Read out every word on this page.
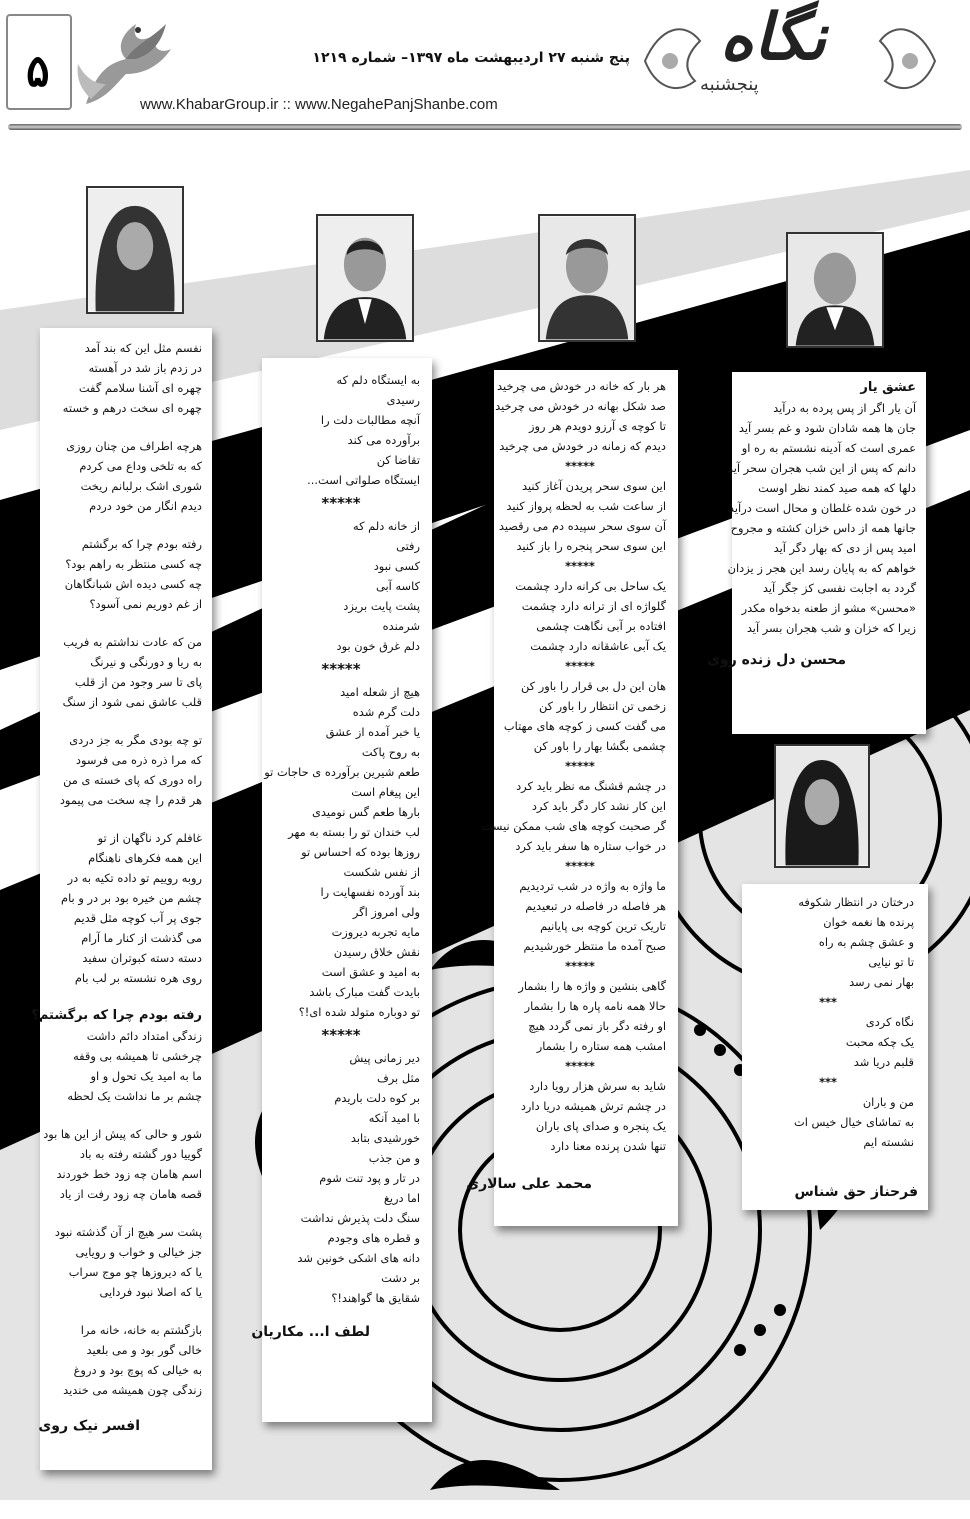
۵	پنج شنبه ۲۷ اردیبهشت ماه ۱۳۹۷– شماره ۱۲۱۹
www.KhabarGroup.ir :: www.NegahePanjShanbe.com
نگاه
پنجشنبه

عشق یار

آن یار اگر از پس پرده به درآید

جان ها همه شادان شود و غم بسر آید

عمری است که آدینه نشستم به ره او

دانم که پس از این شب هجران سحر آید

دلها که همه صید کمند نظر اوست

در خون شده غلطان و محال است درآید

جانها همه از داس خزان کشته و مجروح

امید پس از دی که بهار دگر آید

خواهم که به پایان رسد این هجر ز یزدان

گردد به اجابت نفسی کز جگر آید

«محسن» مشو از طعنه بدخواه مکدر

زیرا که خزان و شب هجران بسر آید

محسن دل زنده روی

درختان در انتظار شکوفه

پرنده ها نغمه خوان

و عشق چشم به راه

تا تو نیایی

بهار نمی رسد

***

نگاه کردی

یک چکه محبت

قلبم دریا شد

***

من و باران

به تماشای خیال خیس ات

نشسته ایم

فرحناز حق شناس

هر بار که خانه در خودش می چرخید

صد شکل بهانه در خودش می چرخید

تا کوچه ی آرزو دویدم هر روز

دیدم که زمانه در خودش می چرخید

*****

این سوی سحر پریدن آغاز کنید

از ساعت شب به لحظه پرواز کنید

آن سوی سحر سپیده دم می رقصید

این سوی سحر پنجره را باز کنید

*****

یک ساحل بی کرانه دارد چشمت

گلواژه ای از ترانه دارد چشمت

افتاده بر آبی نگاهت چشمی

یک آبی عاشقانه دارد چشمت

*****

هان این دل بی قرار را باور کن

زخمی تن انتظار را باور کن

می گفت کسی ز کوچه های مهتاب

چشمی بگشا بهار را باور کن

*****

در چشم قشنگ مه نظر باید کرد

این کار نشد کار دگر باید کرد

گر صحبت کوچه های شب ممکن نیست

در خواب ستاره ها سفر باید کرد

*****

ما واژه به واژه در شب تردیدیم

هر فاصله در فاصله در تبعیدیم

تاریک ترین کوچه بی پایانیم

صبح آمده ما منتظر خورشیدیم

*****

گاهی بنشین و واژه ها را بشمار

حالا همه نامه پاره ها را بشمار

او رفته دگر باز نمی گردد هیچ

امشب همه ستاره را بشمار

*****

شاید به سرش هزار رویا دارد

در چشم ترش همیشه دریا دارد

یک پنجره و صدای پای باران

تنها شدن پرنده معنا دارد

محمد علی سالاری

به ایستگاه دلم که

رسیدی

آنچه مطالبات دلت را

برآورده می کند

تقاضا کن

ایستگاه صلواتی است...

*****

از خانه دلم که

رفتی

کسی نبود

کاسه آبی

پشت پایت بریزد

شرمنده

دلم غرق خون بود

*****

هیچ از شعله امید

دلت گرم شده

یا خبر آمده از عشق

به روح پاکت

طعم شیرین برآورده ی حاجات تو

این پیغام است

بارها طعم گس نومیدی

لب خندان تو را بسته به مهر

روزها بوده که احساس تو

از نفس شکست

بند آورده نفسهایت را

ولی امروز اگر

مایه تجربه دیروزت

نقش خلاق رسیدن

به امید و عشق است

بایدت گفت مبارک باشد

تو دوباره متولد شده ای!؟

*****

دیر زمانی پیش

مثل برف

بر کوه دلت باریدم

با امید آنکه

خورشیدی بتابد

و من جذب

در تار و پود تنت شوم

اما دریغ

سنگ دلت پذیرش نداشت

و قطره های وجودم

دانه های اشکی خونین شد

بر دشت

شقایق ها گواهند!؟

لطف ا... مکاریان

نفسم مثل این که بند آمد

در زدم باز شد در آهسته

چهره ای آشنا سلامم گفت

چهره ای سخت درهم و خسته

هرچه اطراف من چنان روزی

که به تلخی وداع می کردم

شوری اشک برلبانم ریخت

دیدم انگار من خود دردم

رفته بودم چرا که برگشتم

چه کسی منتظر به راهم بود؟

چه کسی دیده اش شبانگاهان

از غم دوریم نمی آسود؟

من که عادت نداشتم به فریب

به ریا و دورنگی و نیرنگ

پای تا سر وجود من از قلب

قلب عاشق نمی شود از سنگ

تو چه بودی مگر به جز دردی

که مرا ذره ذره می فرسود

راه دوری که پای خسته ی من

هر قدم را چه سخت می پیمود

غافلم کرد ناگهان از تو

این همه فکرهای ناهنگام

روبه روییم تو داده تکیه به در

چشم من خیره بود بر در و بام

جوی پر آب کوچه مثل قدیم

می گذشت از کنار ما آرام

دسته دسته کبوتران سفید

روی هره نشسته بر لب بام

رفته بودم چرا که برگشتم؟

زندگی امتداد دائم داشت

چرخشی تا همیشه بی وقفه

ما به امید یک تحول و او

چشم بر ما نداشت یک لحظه

شور و حالی که پیش از این ها بود

گوییا دور گشته رفته به باد

اسم هامان چه زود خط خوردند

قصه هامان چه زود رفت از یاد

پشت سر هیچ از آن گذشته نبود

جز خیالی و خواب و رویایی

یا که دیروزها چو موج سراب

یا که اصلا نبود فردایی

بازگشتم به خانه، خانه مرا

خالی گور بود و می بلعید

به خیالی که پوچ بود و دروغ

زندگی چون همیشه می خندید

افسر نیک روی
